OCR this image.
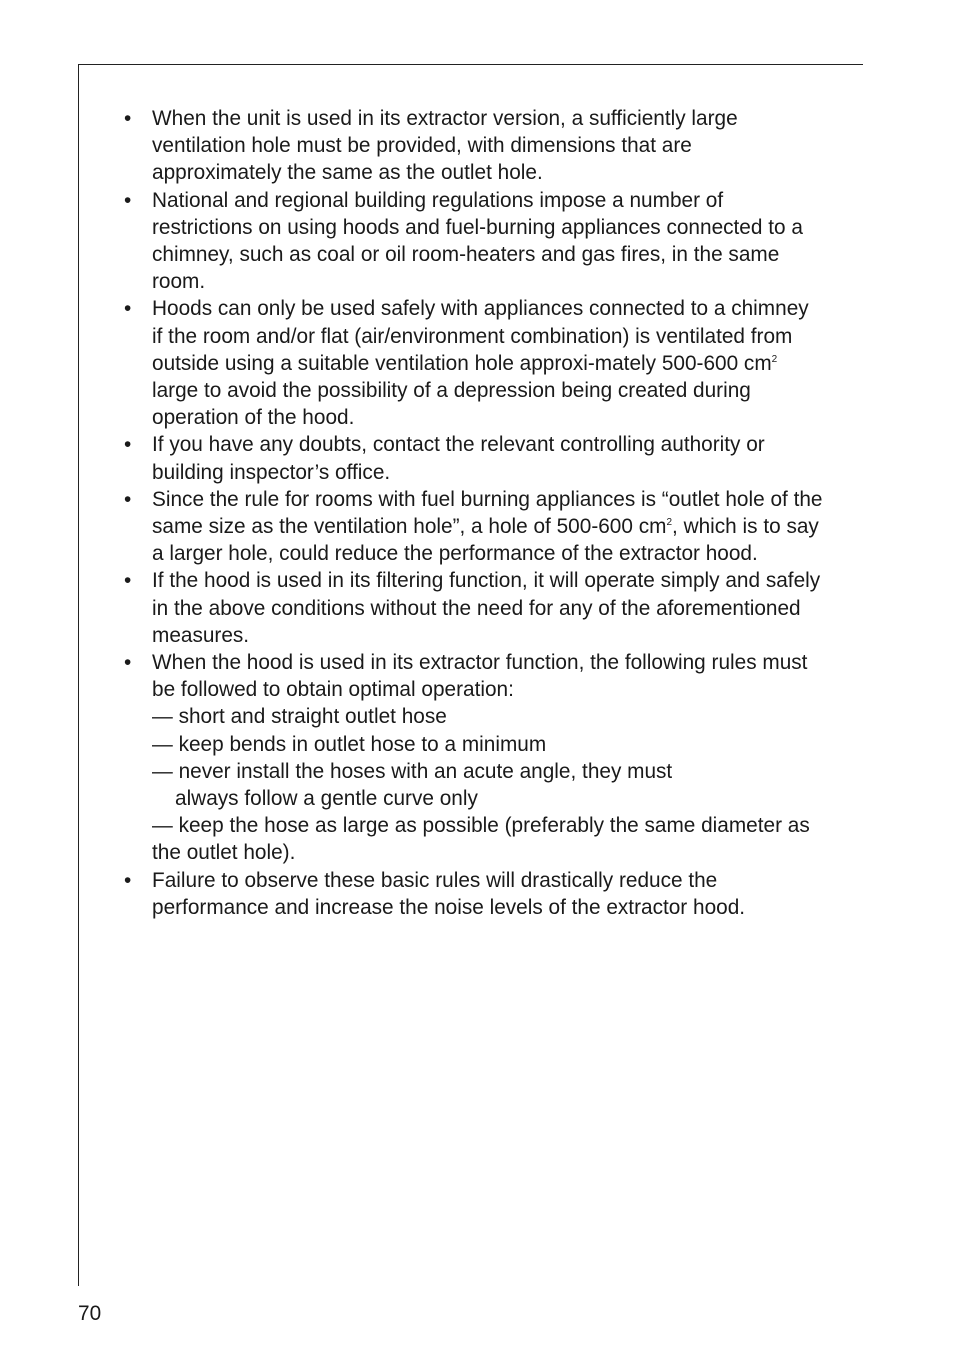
• When the unit is used in its extractor version, a sufficiently large ventilation hole must be provided, with dimensions that are approximately the same as the outlet hole.
• National and regional building regulations impose a number of restrictions on using hoods and fuel-burning appliances connected to a chimney, such as coal or oil room-heaters and gas fires, in the same room.
• Hoods can only be used safely with appliances connected to a chimney if the room and/or flat (air/environment combination) is ventilated from outside using a suitable ventilation hole approxi-mately 500-600 $cm^2$ large to avoid the possibility of a depression being created during operation of the hood.
• If you have any doubts, contact the relevant controlling authority or building inspector’s office.
• Since the rule for rooms with fuel burning appliances is “outlet hole of the same size as the ventilation hole”, a hole of 500-600 $cm^2$, which is to say a larger hole, could reduce the performance of the extractor hood.
• If the hood is used in its filtering function, it will operate simply and safely in the above conditions without the need for any of the aforementioned measures.
• When the hood is used in its extractor function, the following rules must be followed to obtain optimal operation:
— short and straight outlet hose
— keep bends in outlet hose to a minimum
— never install the hoses with an acute angle, they must
always follow a gentle curve only
— keep the hose as large as possible (preferably the same diameter as the outlet hole).
• Failure to observe these basic rules will drastically reduce the performance and increase the noise levels of the extractor hood.
70
